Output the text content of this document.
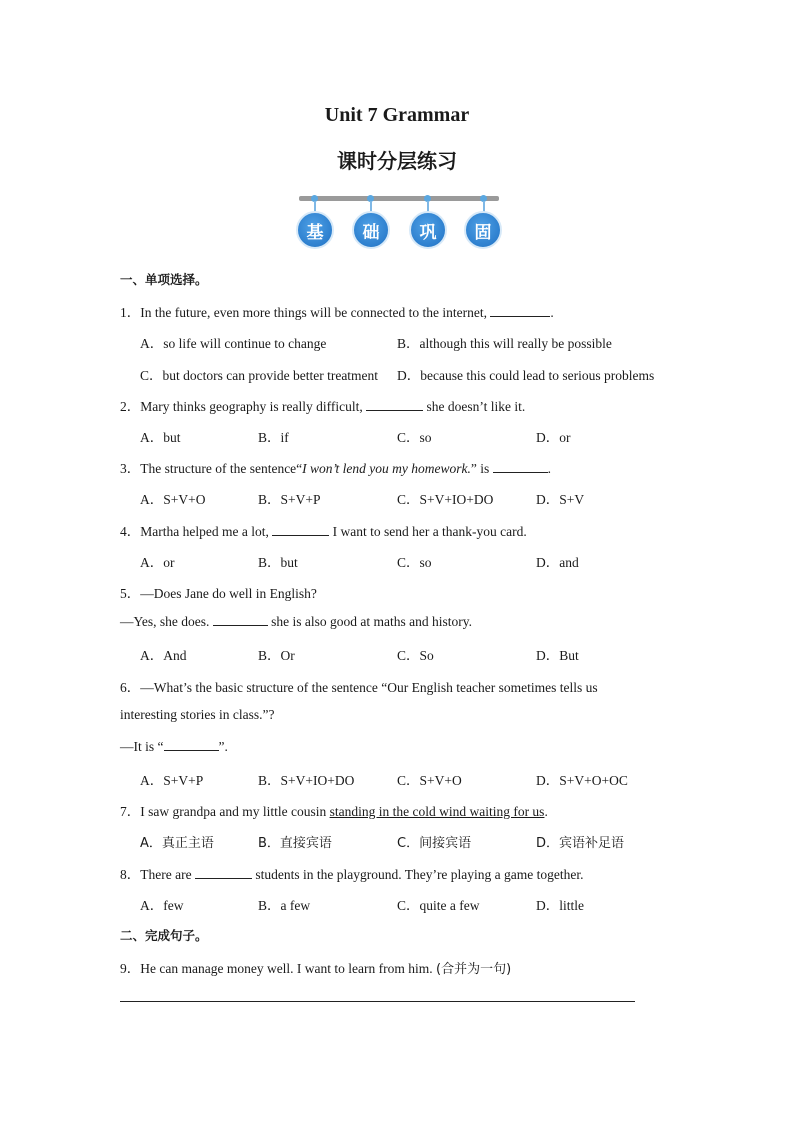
Unit 7 Grammar
课时分层练习
基	础	巩	固
一、单项选择。
1．In the future, even more things will be connected to the internet,	.
A．so life will continue to change	B．although this will really be possible
C．but doctors can provide better treatment D．because this could lead to serious problems
2．Mary thinks geography is really difficult,	she doesn’t like it.
A．but	B．if	C．so	D．or
3．The structure of the sentence“I won’t lend you my homework.” is	.
A．S+V+O	B．S+V+P	C．S+V+IO+DO	D．S+V
4．Martha helped me a lot,	I want to send her a thank-you card.
A．or	B．but	C．so	D．and
5．—Does Jane do well in English?
—Yes, she does.	she is also good at maths and history.
A．And	B．Or	C．So	D．But
6．—What’s the basic structure of the sentence “Our English teacher sometimes tells us
interesting stories in class.”?
—It is “	”.
A．S+V+P	B．S+V+IO+DO	C．S+V+O	D．S+V+O+OC
7．I saw grandpa and my little cousin standing in the cold wind waiting for us.
A．真正主语	B．直接宾语	C．间接宾语	D．宾语补足语
8．There are	students in the playground. They’re playing a game together.
A．few	B．a few	C．quite a few	D．little
二、完成句子。
9．He can manage money well. I want to learn from him. (合并为一句)
